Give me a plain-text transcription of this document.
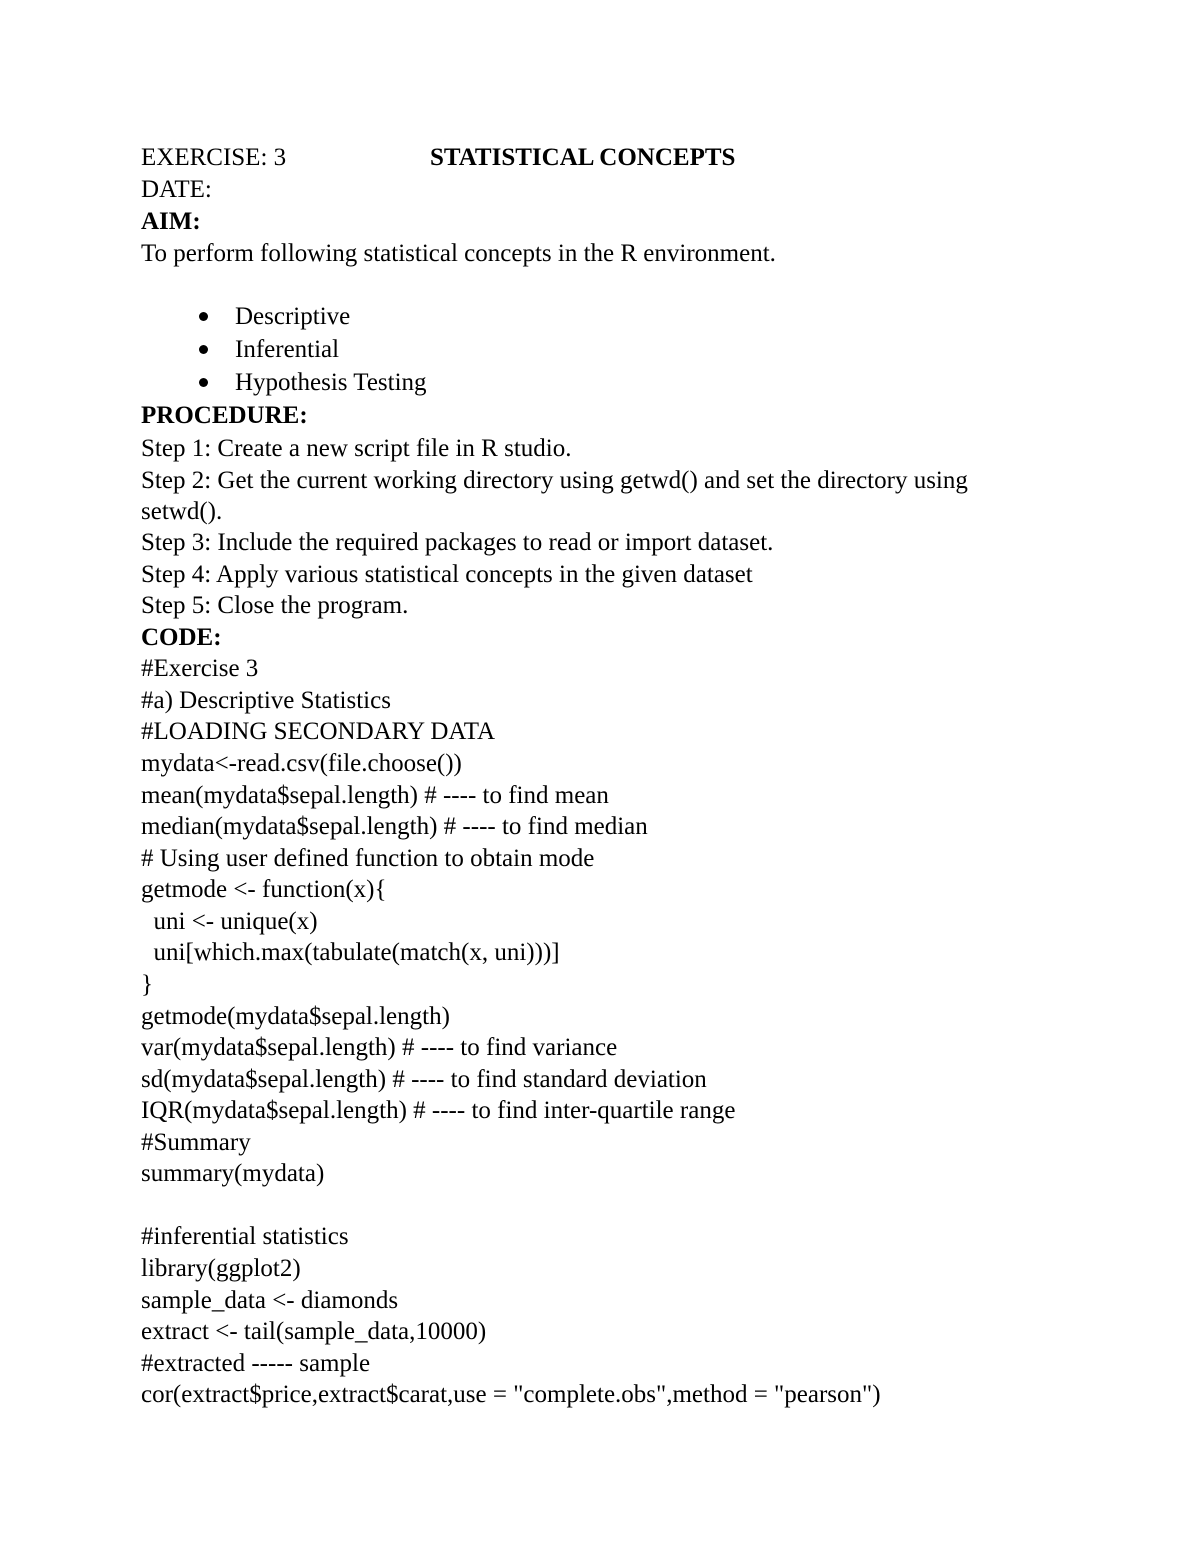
EXERCISE: 3	STATISTICAL CONCEPTS
DATE:
AIM:
To perform following statistical concepts in the R environment.

Descriptive

Inferential

Hypothesis Testing

PROCEDURE:
Step 1: Create a new script file in R studio.
Step 2: Get the current working directory using getwd() and set the directory using
setwd().
Step 3: Include the required packages to read or import dataset.
Step 4: Apply various statistical concepts in the given dataset
Step 5: Close the program.
CODE:
#Exercise 3
#a) Descriptive Statistics
#LOADING SECONDARY DATA
mydata<-read.csv(file.choose())
mean(mydata$sepal.length) # ---- to find mean
median(mydata$sepal.length) # ---- to find median
# Using user defined function to obtain mode
getmode <- function(x){
uni <- unique(x)
uni[which.max(tabulate(match(x, uni)))]
}
getmode(mydata$sepal.length)
var(mydata$sepal.length) # ---- to find variance
sd(mydata$sepal.length) # ---- to find standard deviation
IQR(mydata$sepal.length) # ---- to find inter-quartile range
#Summary
summary(mydata)
#inferential statistics
library(ggplot2)
sample_data <- diamonds
extract <- tail(sample_data,10000)
#extracted ----- sample
cor(extract$price,extract$carat,use = "complete.obs",method = "pearson")
